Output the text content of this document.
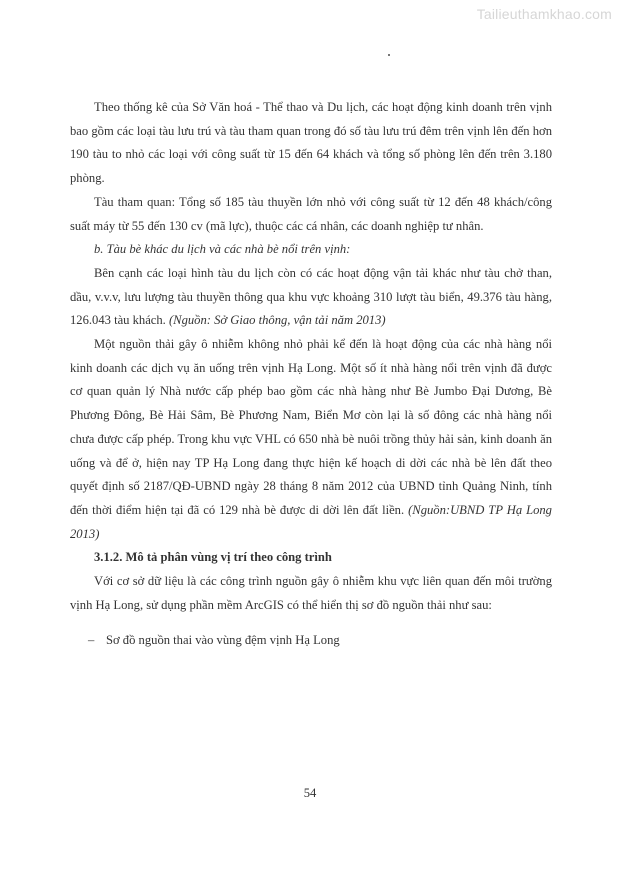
Tailieuthamkhao.com

Theo thống kê của Sở Văn hoá - Thể thao và Du lịch, các hoạt động kinh doanh trên vịnh bao gồm các loại tàu lưu trú và tàu tham quan trong đó số tàu lưu trú đêm trên vịnh lên đến hơn 190 tàu to nhỏ các loại với công suất từ 15 đến 64 khách và tổng số phòng lên đến trên 3.180 phòng.

Tàu tham quan: Tổng số 185 tàu thuyền lớn nhỏ với công suất từ 12 đến 48 khách/công suất máy từ 55 đến 130 cv (mã lực), thuộc các cá nhân, các doanh nghiệp tư nhân.

b. Tàu bè khác du lịch và các nhà bè nổi trên vịnh:

Bên cạnh các loại hình tàu du lịch còn có các hoạt động vận tải khác như tàu chở than, dầu, v.v.v, lưu lượng tàu thuyền thông qua khu vực khoảng 310 lượt tàu biển, 49.376 tàu hàng, 126.043 tàu khách. (Nguồn: Sở Giao thông, vận tải năm 2013)

Một nguồn thải gây ô nhiễm không nhỏ phải kể đến là hoạt động của các nhà hàng nổi kinh doanh các dịch vụ ăn uống trên vịnh Hạ Long. Một số ít nhà hàng nổi trên vịnh đã được cơ quan quản lý Nhà nước cấp phép bao gồm các nhà hàng như Bè Jumbo Đại Dương, Bè Phương Đông, Bè Hải Sâm, Bè Phương Nam, Biển Mơ còn lại là số đông các nhà hàng nổi chưa được cấp phép. Trong khu vực VHL có 650 nhà bè nuôi trồng thủy hải sản, kinh doanh ăn uống và để ở, hiện nay TP Hạ Long đang thực hiện kế hoạch di dời các nhà bè lên đất theo quyết định số 2187/QĐ-UBND ngày 28 tháng 8 năm 2012 của UBND tỉnh Quảng Ninh, tính đến thời điểm hiện tại đã có 129 nhà bè được di dời lên đất liền. (Nguồn:UBND TP Hạ Long 2013)

3.1.2. Mô tả phân vùng vị trí theo công trình

Với cơ sở dữ liệu là các công trình nguồn gây ô nhiễm khu vực liên quan đến môi trường vịnh Hạ Long, sử dụng phần mềm ArcGIS có thể hiển thị sơ đồ nguồn thải như sau:

– Sơ đồ nguồn thai vào vùng đệm vịnh Hạ Long

54
